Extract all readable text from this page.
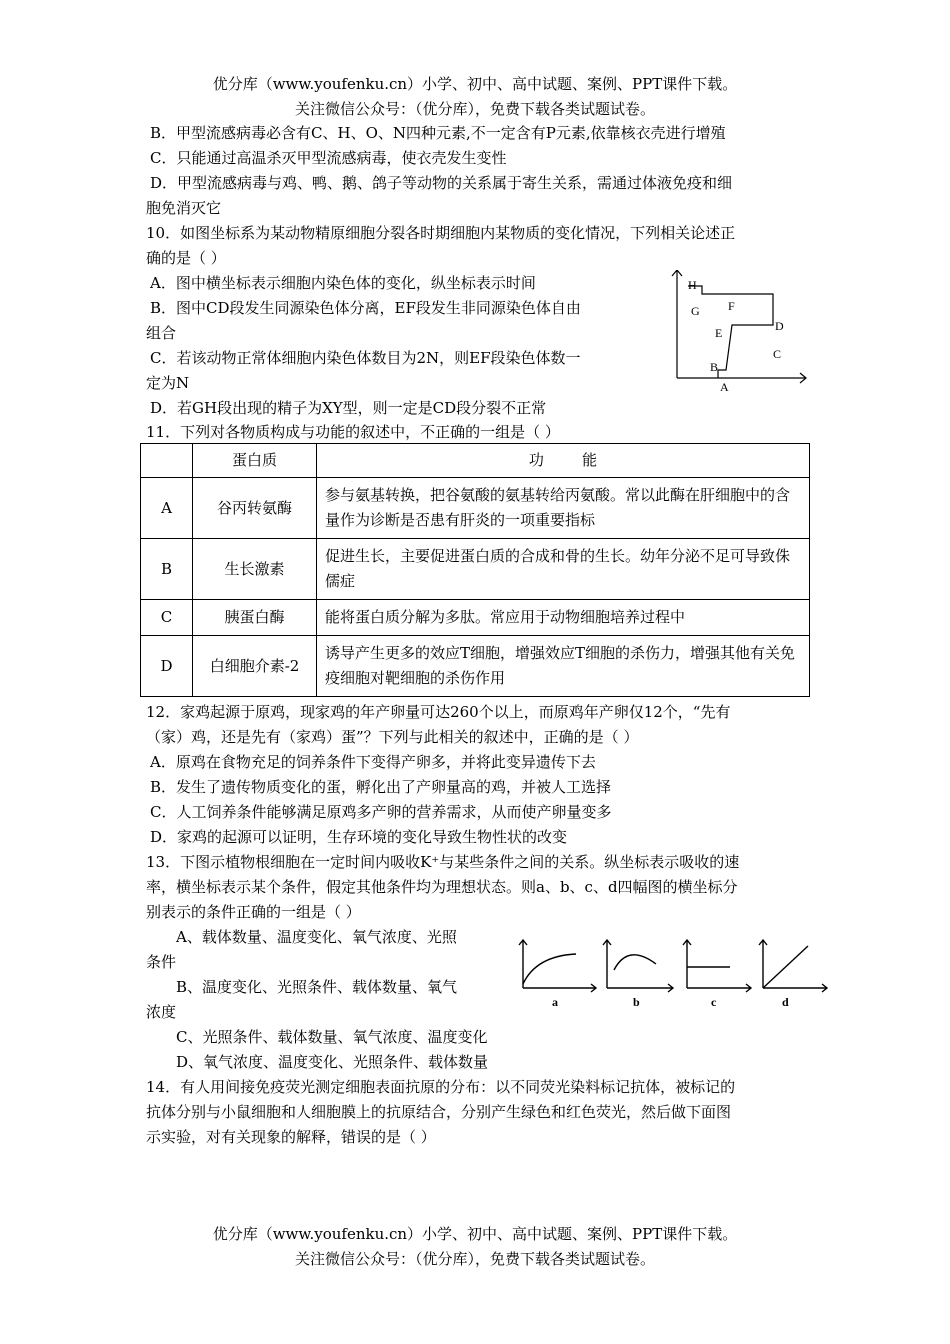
优分库（www.youfenku.cn）小学、初中、高中试题、案例、PPT课件下载。
关注微信公众号：（优分库），免费下载各类试题试卷。
B．甲型流感病毒必含有C、H、O、N四种元素,不一定含有P元素,依靠核衣壳进行增殖
C．只能通过高温杀灭甲型流感病毒，使衣壳发生变性
D．甲型流感病毒与鸡、鸭、鹅、鸽子等动物的关系属于寄生关系，需通过体液免疫和细
胞免消灭它
10．如图坐标系为某动物精原细胞分裂各时期细胞内某物质的变化情况，下列相关论述正
确的是（ ）
A．图中横坐标表示细胞内染色体的变化，纵坐标表示时间
B．图中CD段发生同源染色体分离，EF段发生非同源染色体自由
组合
C．若该动物正常体细胞内染色体数目为2N，则EF段染色体数一
定为N
D．若GH段出现的精子为XY型，则一定是CD段分裂不正常
A
B
C
D
E
F
G
H
11．下列对各物质构成与功能的叙述中，不正确的一组是（ ）
	蛋白质	功        能
A	谷丙转氨酶	参与氨基转换，把谷氨酸的氨基转给丙氨酸。常以此酶在肝细胞中的含量作为诊断是否患有肝炎的一项重要指标
B	生长激素	促进生长，主要促进蛋白质的合成和骨的生长。幼年分泌不足可导致侏儒症
C	胰蛋白酶	能将蛋白质分解为多肽。常应用于动物细胞培养过程中
D	白细胞介素-2	诱导产生更多的效应T细胞，增强效应T细胞的杀伤力，增强其他有关免疫细胞对靶细胞的杀伤作用
12．家鸡起源于原鸡，现家鸡的年产卵量可达260个以上，而原鸡年产卵仅12个，“先有
（家）鸡，还是先有（家鸡）蛋”？下列与此相关的叙述中，正确的是（ ）
A．原鸡在食物充足的饲养条件下变得产卵多，并将此变异遗传下去
B．发生了遗传物质变化的蛋，孵化出了产卵量高的鸡，并被人工选择
C．人工饲养条件能够满足原鸡多产卵的营养需求，从而使产卵量变多
D．家鸡的起源可以证明，生存环境的变化导致生物性状的改变
13．下图示植物根细胞在一定时间内吸收K⁺与某些条件之间的关系。纵坐标表示吸收的速
率，横坐标表示某个条件，假定其他条件均为理想状态。则a、b、c、d四幅图的横坐标分
别表示的条件正确的一组是（ ）
A、载体数量、温度变化、氧气浓度、光照
条件
B、温度变化、光照条件、载体数量、氧气
浓度
C、光照条件、载体数量、氧气浓度、温度变化
D、氧气浓度、温度变化、光照条件、载体数量
a	b	c	d
14．有人用间接免疫荧光测定细胞表面抗原的分布：以不同荧光染料标记抗体，被标记的
抗体分别与小鼠细胞和人细胞膜上的抗原结合，分别产生绿色和红色荧光，然后做下面图
示实验，对有关现象的解释，错误的是（ ）
优分库（www.youfenku.cn）小学、初中、高中试题、案例、PPT课件下载。
关注微信公众号：（优分库），免费下载各类试题试卷。
